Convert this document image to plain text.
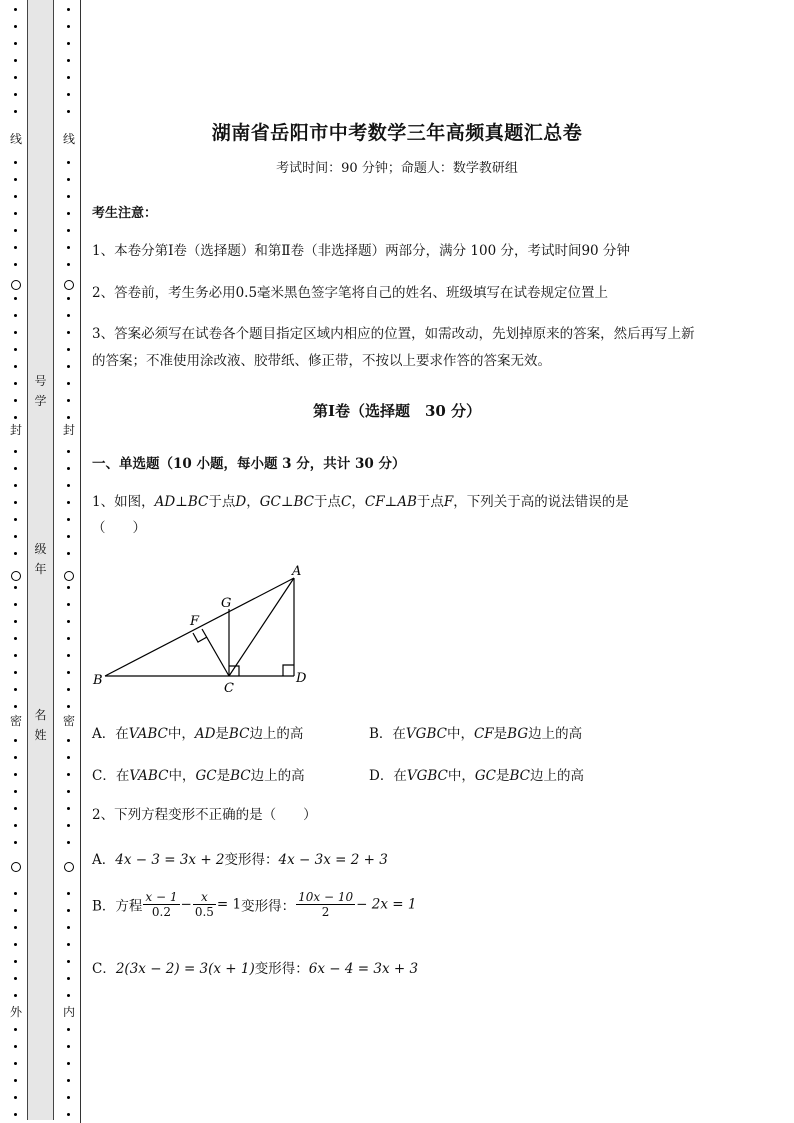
线
封
密
外
号
学
级
年
名
姓
线
封
密
内
湖南省岳阳市中考数学三年高频真题汇总卷
考试时间：90 分钟；命题人：数学教研组
考生注意：
1、本卷分第Ⅰ卷（选择题）和第Ⅱ卷（非选择题）两部分，满分 100 分，考试时间90 分钟
2、答卷前，考生务必用0.5毫米黑色签字笔将自己的姓名、班级填写在试卷规定位置上
3、答案必须写在试卷各个题目指定区域内相应的位置，如需改动，先划掉原来的答案，然后再写上新
的答案；不准使用涂改液、胶带纸、修正带，不按以上要求作答的答案无效。
第Ⅰ卷（选择题　30 分）
一、单选题（10 小题，每小题 3 分，共计 30 分）
1、如图，AD⊥BC于点D，GC⊥BC于点C，CF⊥AB于点F，下列关于高的说法错误的是
（　　）
A
B
C
D
F
G
A．在VABC中，AD是BC边上的高	B．在VGBC中，CF是BG边上的高
C．在VABC中，GC是BC边上的高	D．在VGBC中，GC是BC边上的高
2、下列方程变形不正确的是（　　）
A．4x − 3 = 3x + 2变形得：4x − 3x = 2 + 3
B．方程 $\frac{x - 1}{0.2} - \frac{x}{0.5} = 1$变形得： $\frac{10x - 10}{2} - 2x = 1$
C．2(3x − 2) = 3(x + 1)变形得：6x − 4 = 3x + 3
